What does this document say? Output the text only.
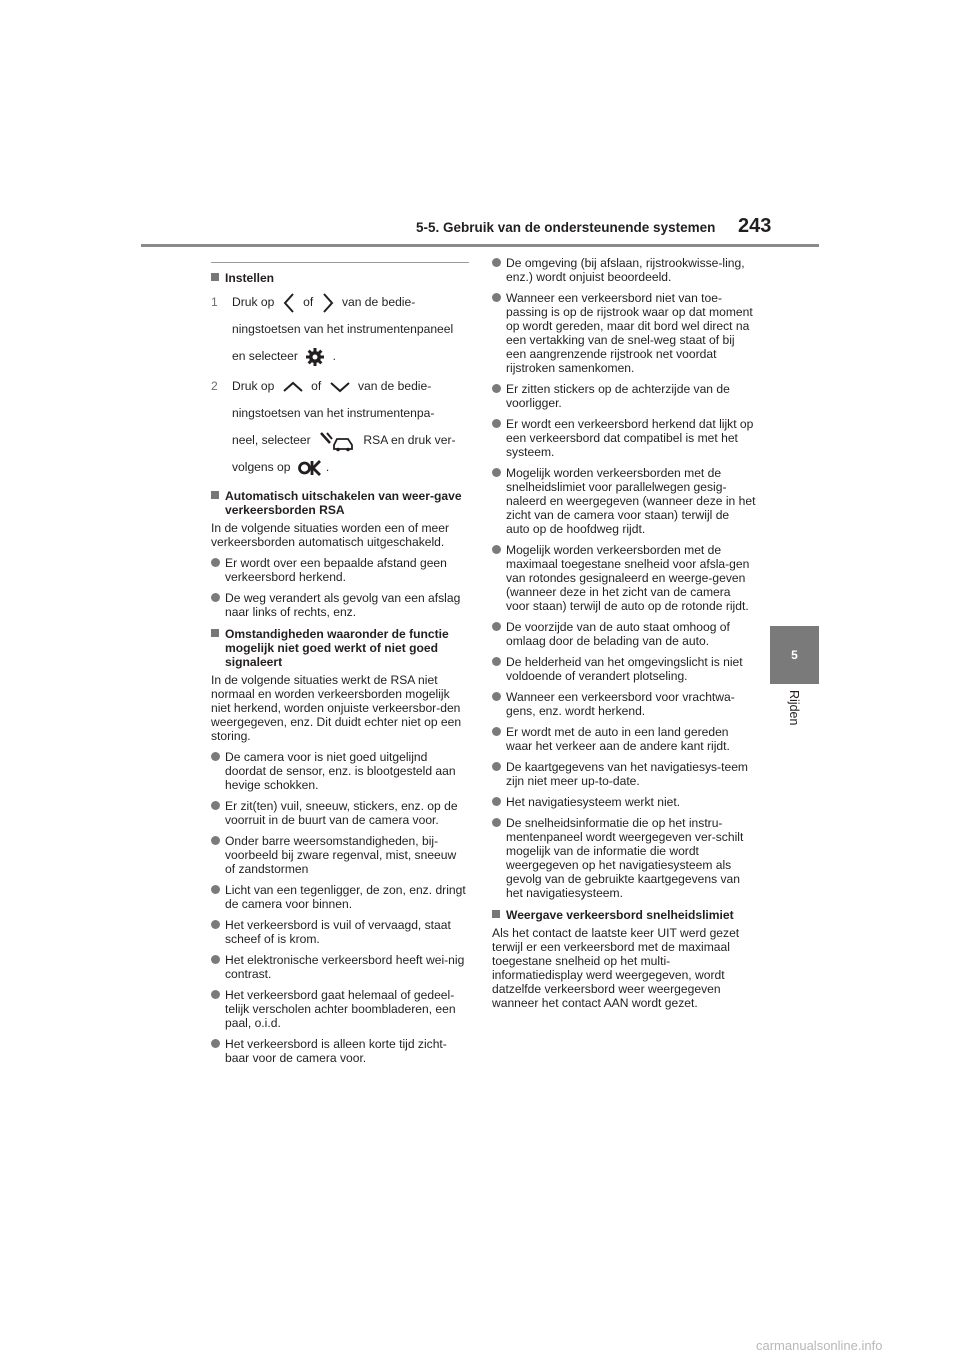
5-5. Gebruik van de ondersteunende systemen 243
5
Rijden
Instellen
1 Druk op of van de bedie-
ningstoetsen van het instrumentenpaneel
en selecteer	.
2 Druk op	of	van de bedie-
ningstoetsen van het instrumentenpa-
neel, selecteer	RSA en druk ver-
volgens op	.
Automatisch uitschakelen van weer-gave verkeersborden RSA

In de volgende situaties worden een of meer verkeersborden automatisch uitgeschakeld.

Er wordt over een bepaalde afstand geen verkeersbord herkend.
De weg verandert als gevolg van een afslag naar links of rechts, enz.
Omstandigheden waaronder de functie mogelijk niet goed werkt of niet goed signaleert

In de volgende situaties werkt de RSA niet normaal en worden verkeersborden mogelijk niet herkend, worden onjuiste verkeersbor-den weergegeven, enz. Dit duidt echter niet op een storing.

De camera voor is niet goed uitgelijnd doordat de sensor, enz. is blootgesteld aan hevige schokken.
Er zit(ten) vuil, sneeuw, stickers, enz. op de voorruit in de buurt van de camera voor.
Onder barre weersomstandigheden, bij-voorbeeld bij zware regenval, mist, sneeuw of zandstormen
Licht van een tegenligger, de zon, enz. dringt de camera voor binnen.
Het verkeersbord is vuil of vervaagd, staat scheef of is krom.
Het elektronische verkeersbord heeft wei-nig contrast.
Het verkeersbord gaat helemaal of gedeel-telijk verscholen achter boombladeren, een paal, o.i.d.
Het verkeersbord is alleen korte tijd zicht-baar voor de camera voor.
De omgeving (bij afslaan, rijstrookwisse-ling, enz.) wordt onjuist beoordeeld.
Wanneer een verkeersbord niet van toe-passing is op de rijstrook waar op dat moment op wordt gereden, maar dit bord wel direct na een vertakking van de snel-weg staat of bij een aangrenzende rijstrook net voordat rijstroken samenkomen.
Er zitten stickers op de achterzijde van de voorligger.
Er wordt een verkeersbord herkend dat lijkt op een verkeersbord dat compatibel is met het systeem.
Mogelijk worden verkeersborden met de snelheidslimiet voor parallelwegen gesig-naleerd en weergegeven (wanneer deze in het zicht van de camera voor staan) terwijl de auto op de hoofdweg rijdt.
Mogelijk worden verkeersborden met de maximaal toegestane snelheid voor afsla-gen van rotondes gesignaleerd en weerge-geven (wanneer deze in het zicht van de camera voor staan) terwijl de auto op de rotonde rijdt.
De voorzijde van de auto staat omhoog of omlaag door de belading van de auto.
De helderheid van het omgevingslicht is niet voldoende of verandert plotseling.
Wanneer een verkeersbord voor vrachtwa-gens, enz. wordt herkend.
Er wordt met de auto in een land gereden waar het verkeer aan de andere kant rijdt.
De kaartgegevens van het navigatiesys-teem zijn niet meer up-to-date.
Het navigatiesysteem werkt niet.
De snelheidsinformatie die op het instru-mentenpaneel wordt weergegeven ver-schilt mogelijk van de informatie die wordt weergegeven op het navigatiesysteem als gevolg van de gebruikte kaartgegevens van het navigatiesysteem.
Weergave verkeersbord snelheidslimiet

Als het contact de laatste keer UIT werd gezet terwijl er een verkeersbord met de maximaal toegestane snelheid op het multi-informatiedisplay werd weergegeven, wordt datzelfde verkeersbord weer weergegeven wanneer het contact AAN wordt gezet.

carmanualsonline.info
